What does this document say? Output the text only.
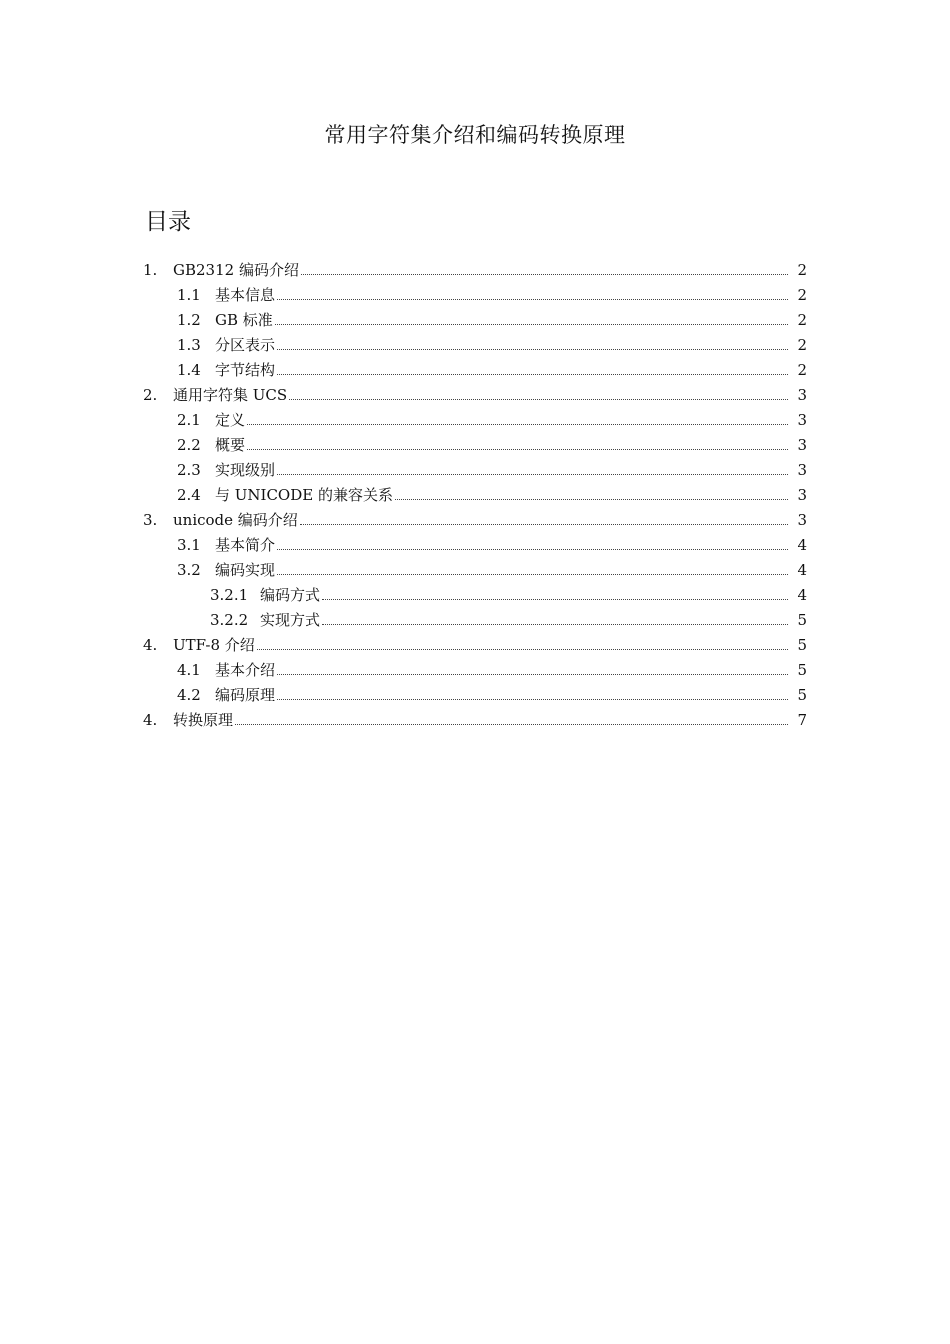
常用字符集介绍和编码转换原理
目录
1.	GB2312 编码介绍	2
1.1 基本信息	2
1.2 GB 标准	2
1.3 分区表示	2
1.4 字节结构	2
2.	通用字符集 UCS	3
2.1 定义	3
2.2 概要	3
2.3 实现级别	3
2.4 与 UNICODE 的兼容关系	3
3.	unicode 编码介绍	3
3.1 基本简介	4
3.2 编码实现	4
3.2.1 编码方式	4
3.2.2 实现方式	5
4.	UTF-8 介绍	5
4.1 基本介绍	5
4.2 编码原理	5
4.	转换原理	7
